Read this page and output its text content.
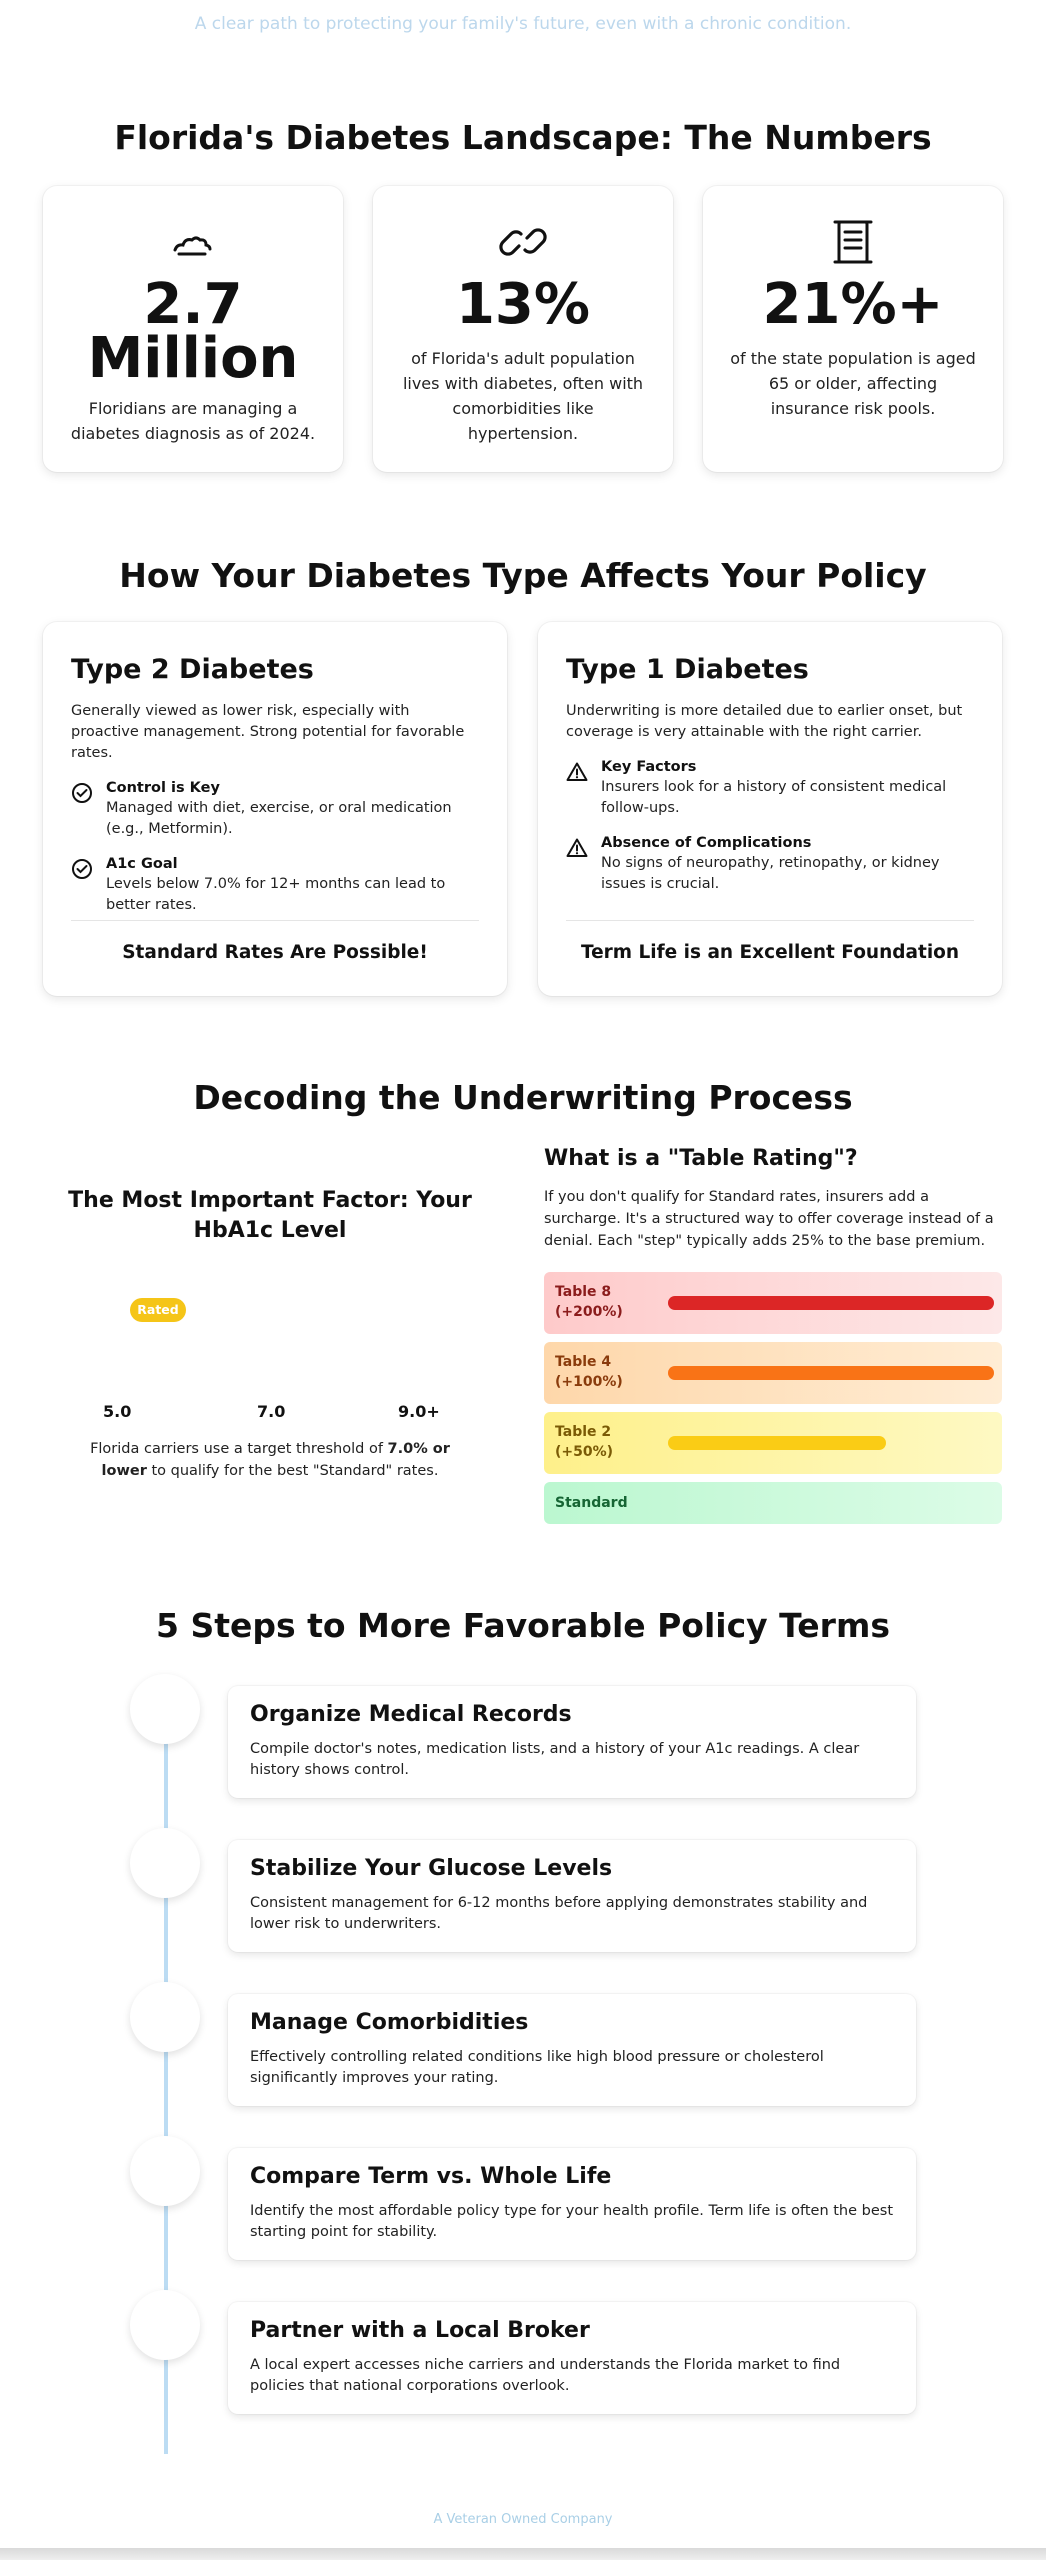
A clear path to protecting your family's future, even with a chronic condition.
Florida's Diabetes Landscape: The Numbers
2.7
Million
Floridians are managing a diabetes diagnosis as of 2024.
13%
of Florida's adult population lives with diabetes, often with comorbidities like hypertension.
21%+
of the state population is aged 65 or older, affecting insurance risk pools.
How Your Diabetes Type Affects Your Policy
Type 2 Diabetes
Generally viewed as lower risk, especially with proactive management. Strong potential for favorable rates.
Control is Key
Managed with diet, exercise, or oral medication (e.g., Metformin).
A1c Goal
Levels below 7.0% for 12+ months can lead to better rates.
Standard Rates Are Possible!
Type 1 Diabetes
Underwriting is more detailed due to earlier onset, but coverage is very attainable with the right carrier.
Key Factors
Insurers look for a history of consistent medical follow-ups.
Absence of Complications
No signs of neuropathy, retinopathy, or kidney issues is crucial.
Term Life is an Excellent Foundation
Decoding the Underwriting Process
The Most Important Factor: Your HbA1c Level
Rated
5.0	7.0	9.0+
Florida carriers use a target threshold of 7.0% or lower to qualify for the best "Standard" rates.
What is a "Table Rating"?
If you don't qualify for Standard rates, insurers add a surcharge. It's a structured way to offer coverage instead of a denial. Each "step" typically adds 25% to the base premium.
Table 8
(+200%)
Table 4
(+100%)
Table 2
(+50%)
Standard
5 Steps to More Favorable Policy Terms
Organize Medical Records
Compile doctor's notes, medication lists, and a history of your A1c readings. A clear history shows control.
Stabilize Your Glucose Levels
Consistent management for 6-12 months before applying demonstrates stability and lower risk to underwriters.
Manage Comorbidities
Effectively controlling related conditions like high blood pressure or cholesterol significantly improves your rating.
Compare Term vs. Whole Life
Identify the most affordable policy type for your health profile. Term life is often the best starting point for stability.
Partner with a Local Broker
A local expert accesses niche carriers and understands the Florida market to find policies that national corporations overlook.
A Veteran Owned Company
